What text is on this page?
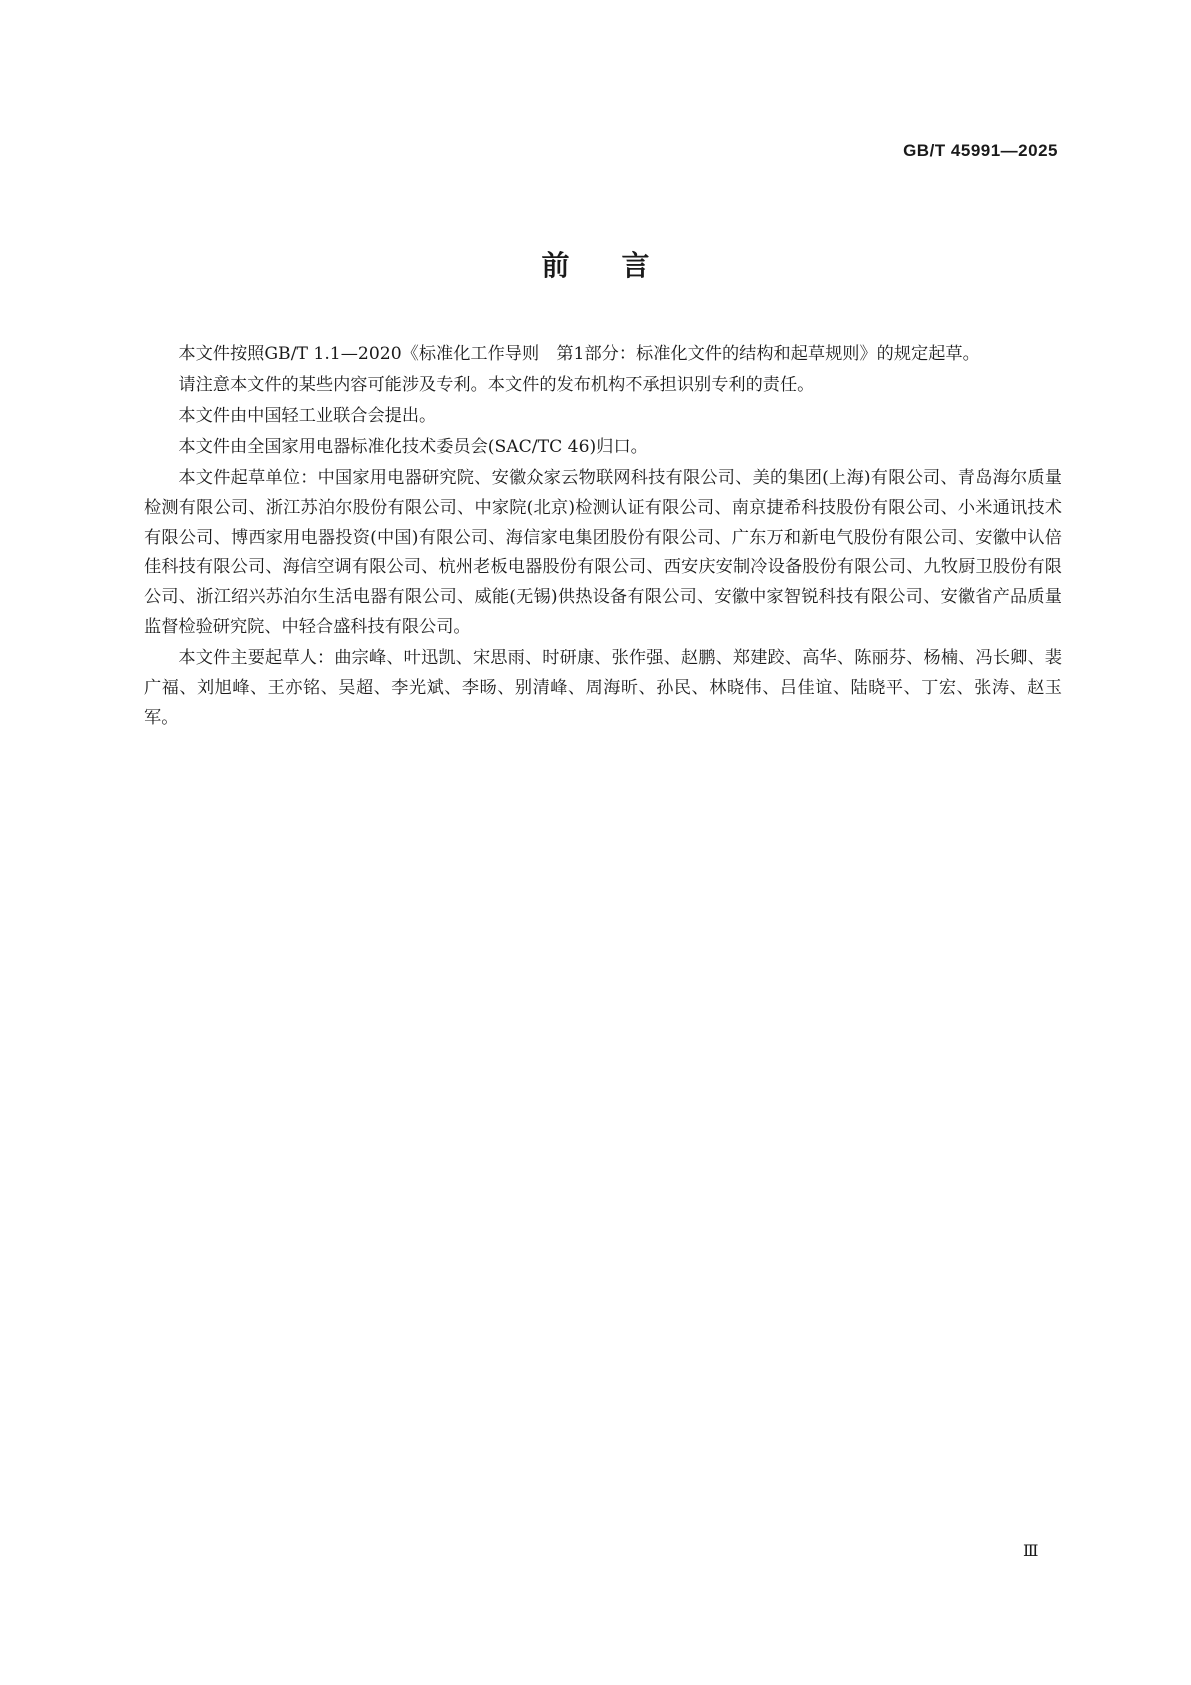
GB/T 45991—2025
前言

本文件按照GB/T 1.1—2020《标准化工作导则　第1部分：标准化文件的结构和起草规则》的规定起草。

请注意本文件的某些内容可能涉及专利。本文件的发布机构不承担识别专利的责任。

本文件由中国轻工业联合会提出。

本文件由全国家用电器标准化技术委员会(SAC/TC 46)归口。

本文件起草单位：中国家用电器研究院、安徽众家云物联网科技有限公司、美的集团(上海)有限公司、青岛海尔质量检测有限公司、浙江苏泊尔股份有限公司、中家院(北京)检测认证有限公司、南京捷希科技股份有限公司、小米通讯技术有限公司、博西家用电器投资(中国)有限公司、海信家电集团股份有限公司、广东万和新电气股份有限公司、安徽中认倍佳科技有限公司、海信空调有限公司、杭州老板电器股份有限公司、西安庆安制冷设备股份有限公司、九牧厨卫股份有限公司、浙江绍兴苏泊尔生活电器有限公司、威能(无锡)供热设备有限公司、安徽中家智锐科技有限公司、安徽省产品质量监督检验研究院、中轻合盛科技有限公司。

本文件主要起草人：曲宗峰、叶迅凯、宋思雨、时研康、张作强、赵鹏、郑建跤、高华、陈丽芬、杨楠、冯长卿、裴广福、刘旭峰、王亦铭、吴超、李光斌、李旸、别清峰、周海昕、孙民、林晓伟、吕佳谊、陆晓平、丁宏、张涛、赵玉军。

Ⅲ
